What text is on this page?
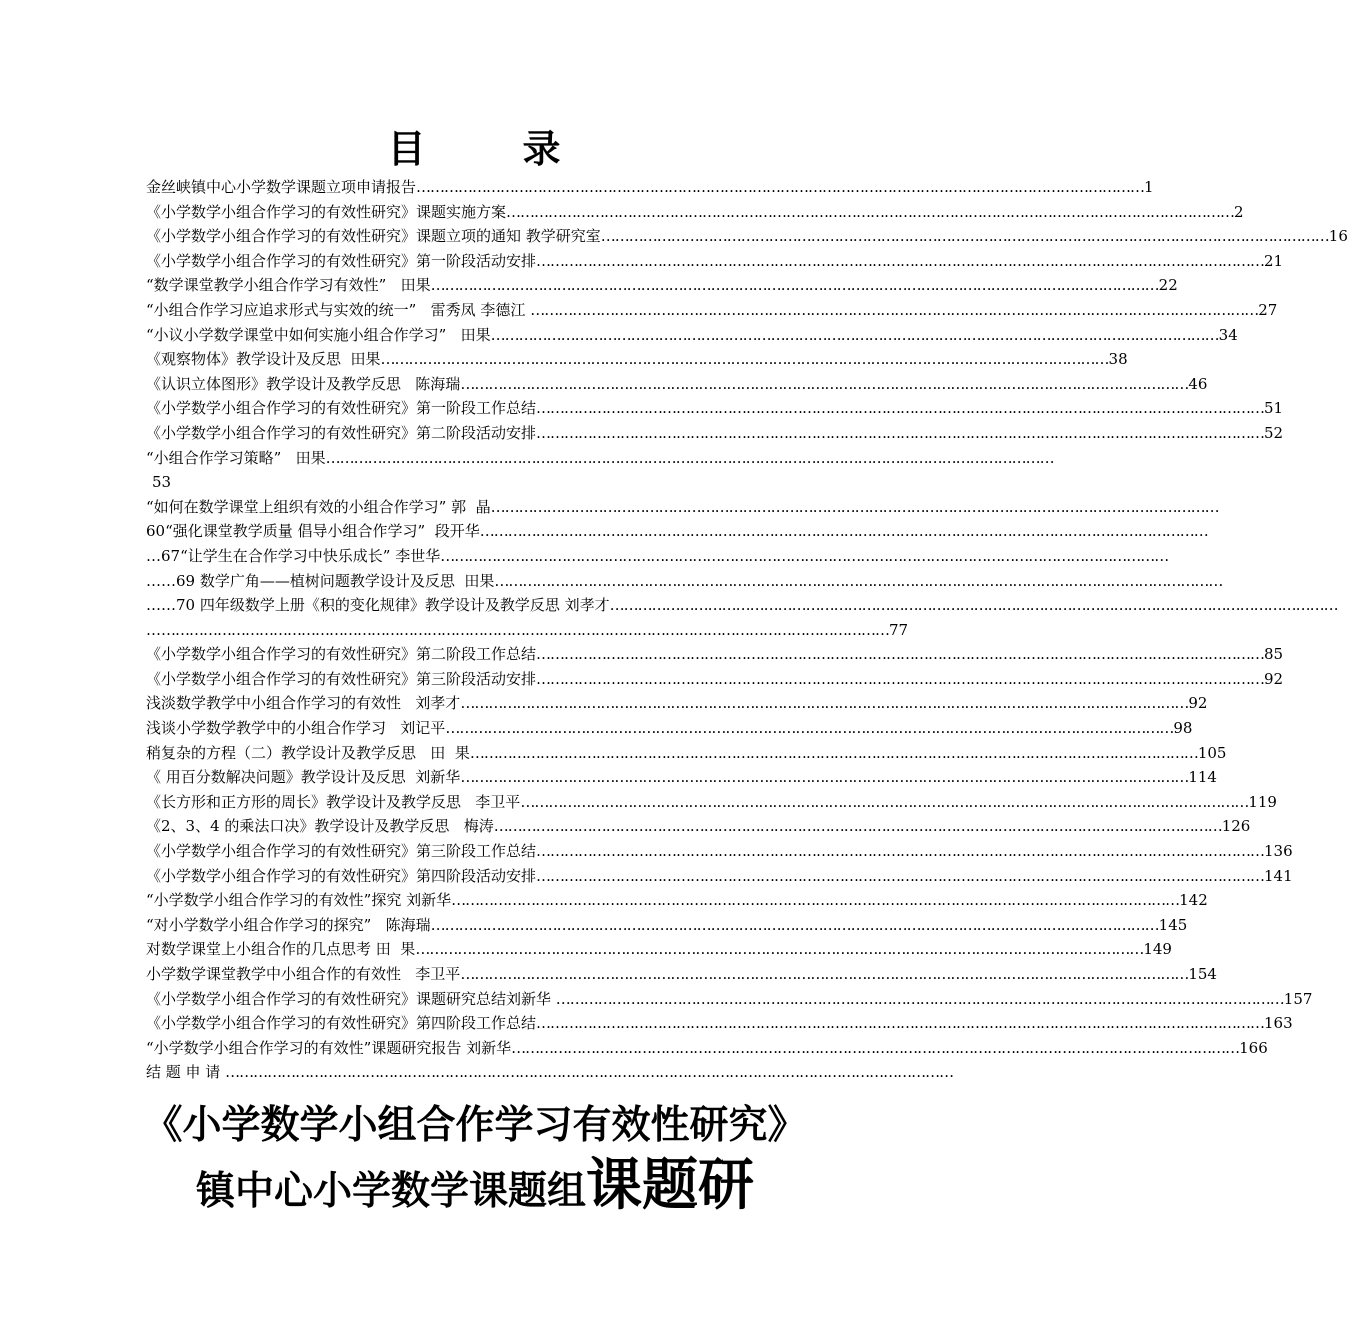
目	录
金丝峡镇中心小学数学课题立项申请报告 ………………………………………………………………………………………………………………………………………… 1
《小学数学小组合作学习的有效性研究》课题实施方案 ………………………………………………………………………………………………………………………………………… 2
《小学数学小组合作学习的有效性研究》课题立项的通知 教学研究室 ………………………………………………………………………………………………………………………………………… 16
《小学数学小组合作学习的有效性研究》第一阶段活动安排 ………………………………………………………………………………………………………………………………………… 21
“数学课堂教学小组合作学习有效性”   田果 ………………………………………………………………………………………………………………………………………… 22
“小组合作学习应追求形式与实效的统一”   雷秀凤 李德江 ………………………………………………………………………………………………………………………………………… 27
“小议小学数学课堂中如何实施小组合作学习”   田果 ………………………………………………………………………………………………………………………………………… 34
《观察物体》教学设计及反思  田果 ………………………………………………………………………………………………………………………………………… 38
《认识立体图形》教学设计及教学反思   陈海瑞 ………………………………………………………………………………………………………………………………………… 46
《小学数学小组合作学习的有效性研究》第一阶段工作总结 ………………………………………………………………………………………………………………………………………… 51
《小学数学小组合作学习的有效性研究》第二阶段活动安排 ………………………………………………………………………………………………………………………………………… 52
“小组合作学习策略”   田果 …………………………………………………………………………………………………………………………………………
53
“如何在数学课堂上组织有效的小组合作学习” 郭  晶 …………………………………………………………………………………………………………………………………………
60“强化课堂教学质量 倡导小组合作学习”  段开华 …………………………………………………………………………………………………………………………………………
…67“让学生在合作学习中快乐成长” 李世华 …………………………………………………………………………………………………………………………………………
……69 数学广角——植树问题教学设计及反思  田果 …………………………………………………………………………………………………………………………………………
……70 四年级数学上册《积的变化规律》教学设计及教学反思 刘孝才 …………………………………………………………………………………………………………………………………………
… ………………………………………………………………………………………………………………………………………… 77
《小学数学小组合作学习的有效性研究》第二阶段工作总结 ………………………………………………………………………………………………………………………………………… 85
《小学数学小组合作学习的有效性研究》第三阶段活动安排 ………………………………………………………………………………………………………………………………………… 92
浅淡数学教学中小组合作学习的有效性   刘孝才 ………………………………………………………………………………………………………………………………………… 92
浅谈小学数学教学中的小组合作学习   刘记平 ………………………………………………………………………………………………………………………………………… 98
稍复杂的方程（二）教学设计及教学反思   田  果 ………………………………………………………………………………………………………………………………………… 105
《 用百分数解决问题》教学设计及反思  刘新华 ………………………………………………………………………………………………………………………………………… 114
《长方形和正方形的周长》教学设计及教学反思   李卫平 ………………………………………………………………………………………………………………………………………… 119
《2、3、4 的乘法口决》教学设计及教学反思   梅涛 ………………………………………………………………………………………………………………………………………… 126
《小学数学小组合作学习的有效性研究》第三阶段工作总结 ………………………………………………………………………………………………………………………………………… 136
《小学数学小组合作学习的有效性研究》第四阶段活动安排 ………………………………………………………………………………………………………………………………………… 141
“小学数学小组合作学习的有效性”探究 刘新华 ………………………………………………………………………………………………………………………………………… 142
“对小学数学小组合作学习的探究”   陈海瑞 ………………………………………………………………………………………………………………………………………… 145
对数学课堂上小组合作的几点思考 田  果 ………………………………………………………………………………………………………………………………………… 149
小学数学课堂教学中小组合作的有效性   李卫平 ………………………………………………………………………………………………………………………………………… 154
《小学数学小组合作学习的有效性研究》课题研究总结刘新华 ………………………………………………………………………………………………………………………………………… 157
《小学数学小组合作学习的有效性研究》第四阶段工作总结 ………………………………………………………………………………………………………………………………………… 163
“小学数学小组合作学习的有效性”课题研究报告 刘新华 ………………………………………………………………………………………………………………………………………… 166
结 题 申 请 …………………………………………………………………………………………………………………………………………
《小学数学小组合作学习有效性研究》
镇中心小学数学课题组课题研
